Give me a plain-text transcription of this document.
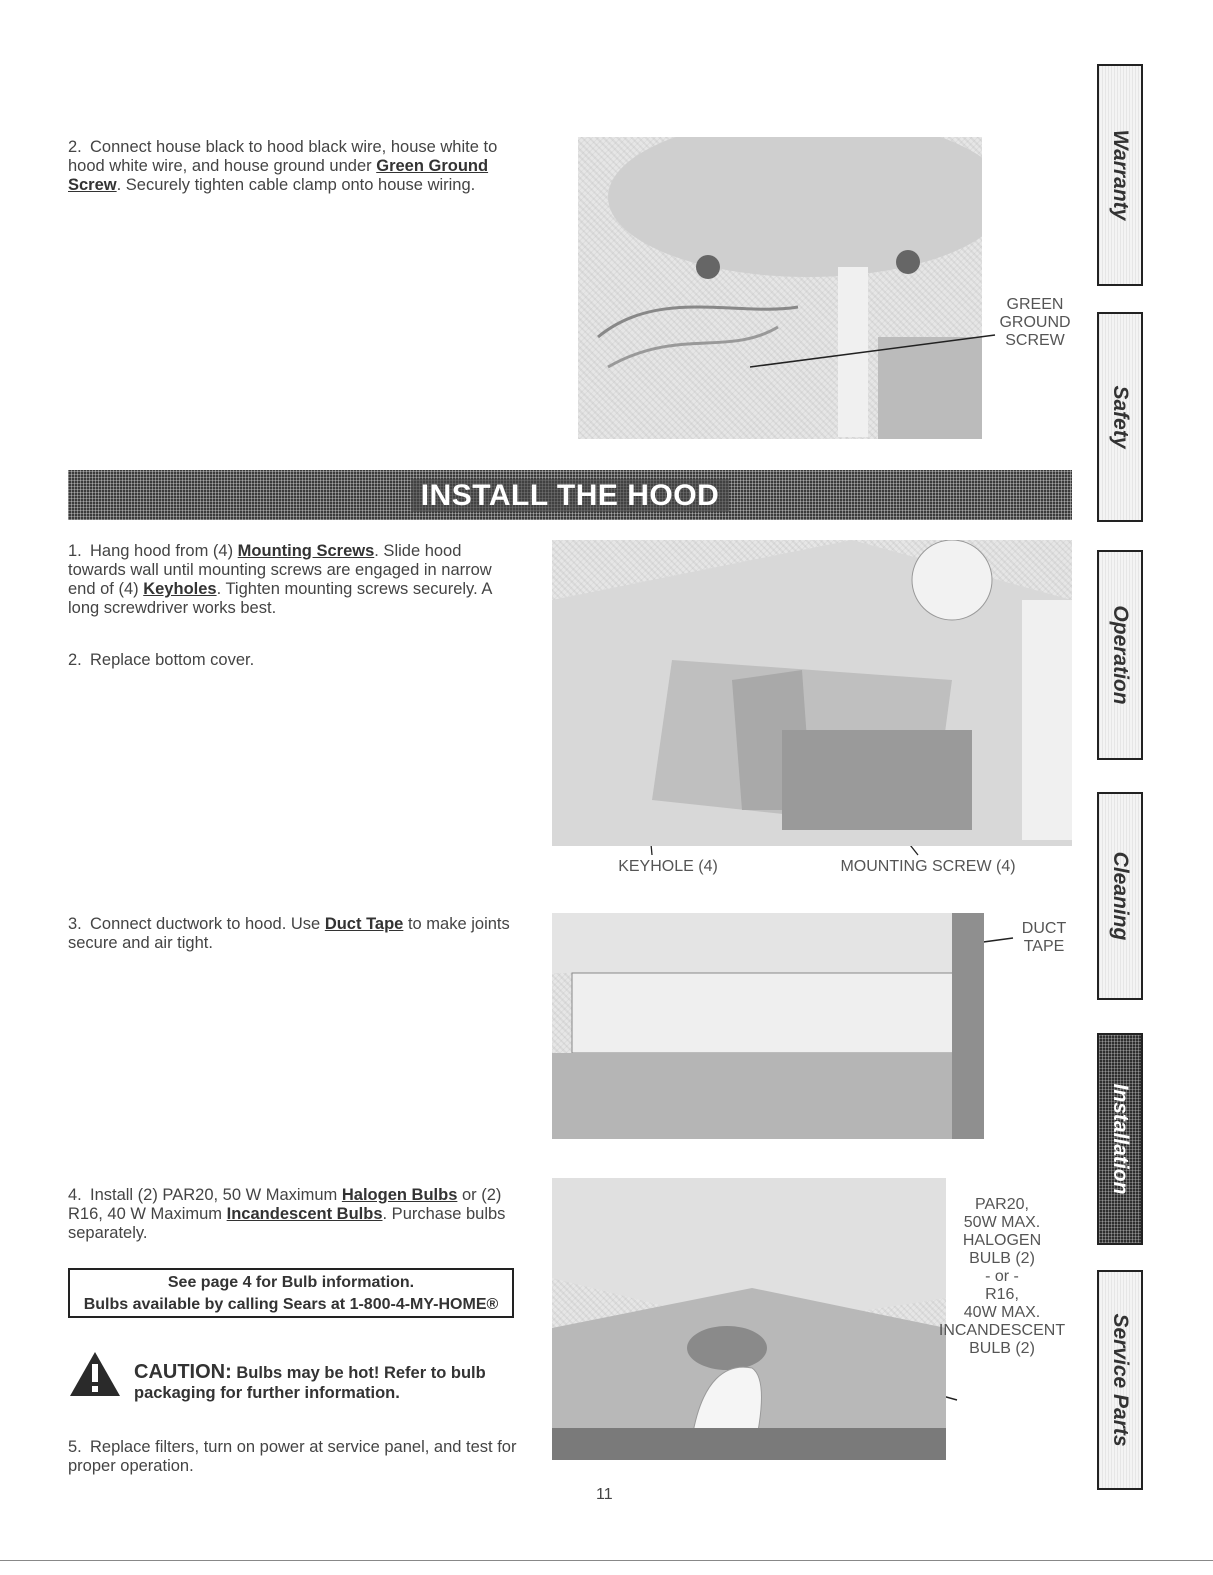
2. Connect house black to hood black wire, house white to hood white wire, and house ground under Green Ground Screw. Securely tighten cable clamp onto house wiring.
GREEN
GROUND
SCREW
INSTALL THE HOOD
1. Hang hood from (4) Mounting Screws. Slide hood towards wall until mounting screws are engaged in narrow end of (4) Keyholes. Tighten mounting screws securely. A long screwdriver works best.
2. Replace bottom cover.
KEYHOLE (4)	MOUNTING SCREW (4)
3. Connect ductwork to hood. Use Duct Tape to make joints secure and air tight.
DUCT
TAPE
4. Install (2) PAR20, 50 W Maximum Halogen Bulbs or (2) R16, 40 W Maximum Incandescent Bulbs. Purchase bulbs separately.
See page 4 for Bulb information.
Bulbs available by calling Sears at 1-800-4-MY-HOME®
CAUTION: Bulbs may be hot! Refer to bulb packaging for further information.
5. Replace filters, turn on power at service panel, and test for proper operation.
PAR20,
50W MAX.
HALOGEN
BULB (2)
- or -
R16,
40W MAX.
INCANDESCENT
BULB (2)
Warranty
Safety
Operation
Cleaning
Installation
Service Parts
11
